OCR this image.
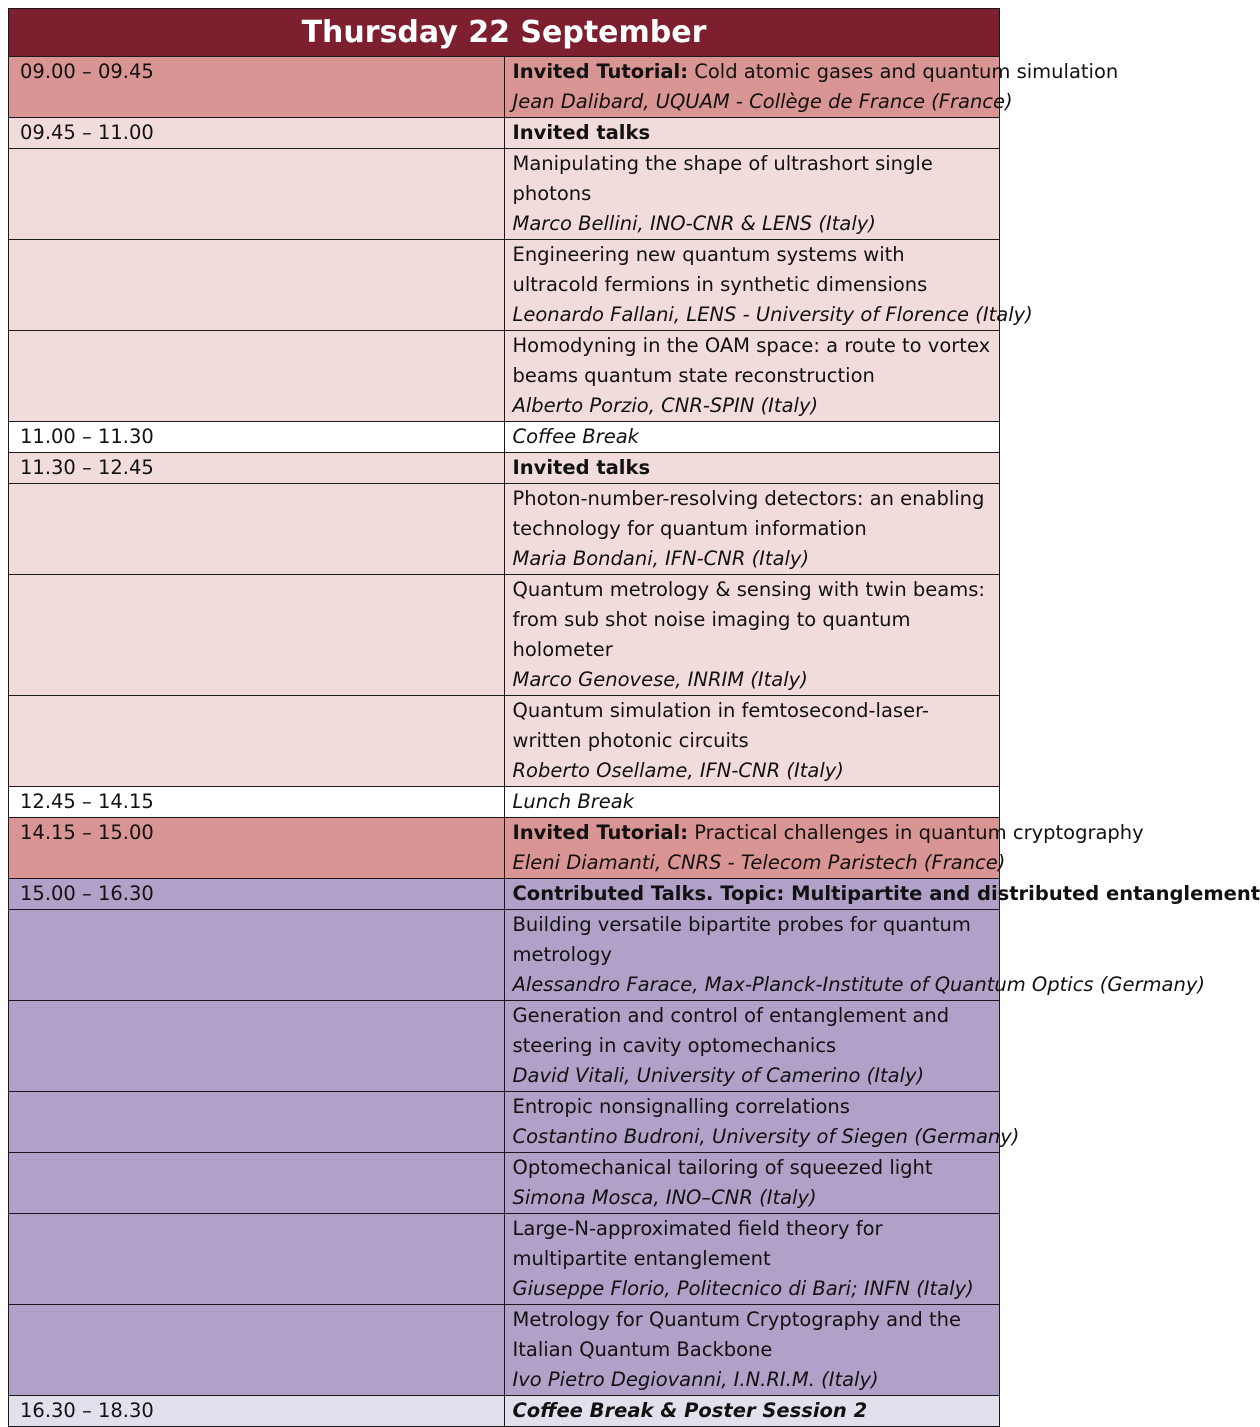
Thursday 22 September	
09.00 – 09.45	Invited Tutorial: Cold atomic gases and quantum simulation
Jean Dalibard, UQUAM - Collège de France (France)

09.45 – 11.00	Invited talks

	Manipulating the shape of ultrashort single photons
Marco Bellini, INO-CNR & LENS (Italy)

	Engineering new quantum systems with ultracold fermions in synthetic dimensions
Leonardo Fallani, LENS - University of Florence (Italy)

	Homodyning in the OAM space: a route to vortex beams quantum state reconstruction
Alberto Porzio, CNR-SPIN (Italy)

11.00 – 11.30	Coffee Break

11.30 – 12.45	Invited talks

	Photon-number-resolving detectors: an enabling technology for quantum information
Maria Bondani, IFN-CNR (Italy)

	Quantum metrology & sensing with twin beams: from sub shot noise imaging to quantum holometer
Marco Genovese, INRIM (Italy)

	Quantum simulation in femtosecond-laser-written photonic circuits
Roberto Osellame, IFN-CNR (Italy)

12.45 – 14.15	Lunch Break

14.15 – 15.00	Invited Tutorial: Practical challenges in quantum cryptography
Eleni Diamanti, CNRS - Telecom Paristech (France)

15.00 – 16.30	Contributed Talks. Topic: Multipartite and distributed entanglement

	Building versatile bipartite probes for quantum metrology
Alessandro Farace, Max-Planck-Institute of Quantum Optics (Germany)

	Generation and control of entanglement and steering in cavity optomechanics
David Vitali, University of Camerino (Italy)

	Entropic nonsignalling correlations
Costantino Budroni, University of Siegen (Germany)

	Optomechanical tailoring of squeezed light
Simona Mosca, INO–CNR (Italy)

	Large-N-approximated field theory for multipartite entanglement
Giuseppe Florio, Politecnico di Bari; INFN (Italy)

	Metrology for Quantum Cryptography and the Italian Quantum Backbone
Ivo Pietro Degiovanni, I.N.RI.M. (Italy)

16.30 – 18.30	Coffee Break & Poster Session 2
